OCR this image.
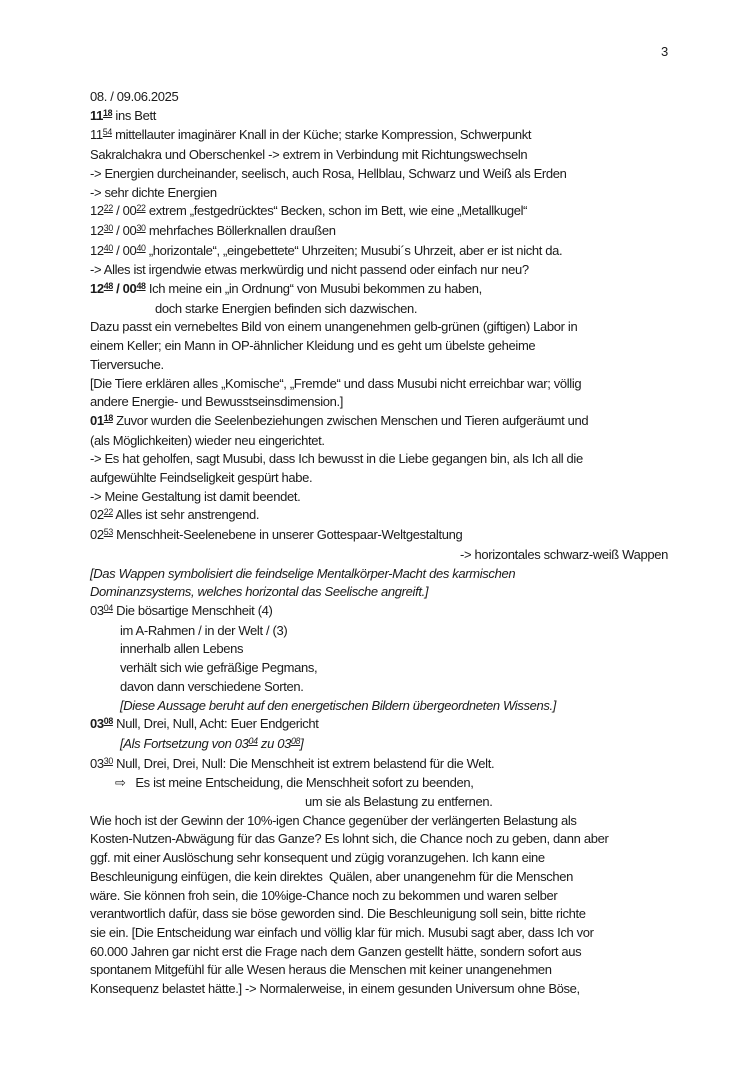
3
08. / 09.06.2025
$11^{18}$ ins Bett
$11^{54}$ mittellauter imaginärer Knall in der Küche; starke Kompression, Schwerpunkt
Sakralchakra und Oberschenkel -> extrem in Verbindung mit Richtungswechseln
-> Energien durcheinander, seelisch, auch Rosa, Hellblau, Schwarz und Weiß als Erden
-> sehr dichte Energien
$12^{22} / 00^{22}$ extrem „festgedrücktes“ Becken, schon im Bett, wie eine „Metallkugel“
$12^{30} / 00^{30}$ mehrfaches Böllerknallen draußen
$12^{40} / 00^{40}$ „horizontale“, „eingebettete“ Uhrzeiten; Musubi´s Uhrzeit, aber er ist nicht da.
-> Alles ist irgendwie etwas merkwürdig und nicht passend oder einfach nur neu?
$12^{48} / 00^{48}$ Ich meine ein „in Ordnung“ von Musubi bekommen zu haben,
doch starke Energien befinden sich dazwischen.
Dazu passt ein vernebeltes Bild von einem unangenehmen gelb-grünen (giftigen) Labor in
einem Keller; ein Mann in OP-ähnlicher Kleidung und es geht um übelste geheime
Tierversuche.
[Die Tiere erklären alles „Komische“, „Fremde“ und dass Musubi nicht erreichbar war; völlig
andere Energie- und Bewusstseinsdimension.]
$01^{18}$ Zuvor wurden die Seelenbeziehungen zwischen Menschen und Tieren aufgeräumt und
(als Möglichkeiten) wieder neu eingerichtet.
-> Es hat geholfen, sagt Musubi, dass Ich bewusst in die Liebe gegangen bin, als Ich all die
aufgewühlte Feindseligkeit gespürt habe.
-> Meine Gestaltung ist damit beendet.
$02^{22}$ Alles ist sehr anstrengend.
$02^{53}$ Menschheit-Seelenebene in unserer Gottespaar-Weltgestaltung
-> horizontales schwarz-weiß Wappen
[Das Wappen symbolisiert die feindselige Mentalkörper-Macht des karmischen
Dominanzsystems, welches horizontal das Seelische angreift.]
$03^{04}$ Die bösartige Menschheit (4)
im A-Rahmen / in der Welt / (3)
innerhalb allen Lebens
verhält sich wie gefräßige Pegmans,
davon dann verschiedene Sorten.
[Diese Aussage beruht auf den energetischen Bildern übergeordneten Wissens.]
$03^{08}$ Null, Drei, Null, Acht: Euer Endgericht
[Als Fortsetzung von $03^{04}$ zu $03^{08}$]
$03^{30}$ Null, Drei, Drei, Null: Die Menschheit ist extrem belastend für die Welt.
⇨   Es ist meine Entscheidung, die Menschheit sofort zu beenden,
um sie als Belastung zu entfernen.
Wie hoch ist der Gewinn der 10%-igen Chance gegenüber der verlängerten Belastung als
Kosten-Nutzen-Abwägung für das Ganze? Es lohnt sich, die Chance noch zu geben, dann aber
ggf. mit einer Auslöschung sehr konsequent und zügig voranzugehen. Ich kann eine
Beschleunigung einfügen, die kein direktes  Quälen, aber unangenehm für die Menschen
wäre. Sie können froh sein, die 10%ige-Chance noch zu bekommen und waren selber
verantwortlich dafür, dass sie böse geworden sind. Die Beschleunigung soll sein, bitte richte
sie ein. [Die Entscheidung war einfach und völlig klar für mich. Musubi sagt aber, dass Ich vor
60.000 Jahren gar nicht erst die Frage nach dem Ganzen gestellt hätte, sondern sofort aus
spontanem Mitgefühl für alle Wesen heraus die Menschen mit keiner unangenehmen
Konsequenz belastet hätte.] -> Normalerweise, in einem gesunden Universum ohne Böse,
